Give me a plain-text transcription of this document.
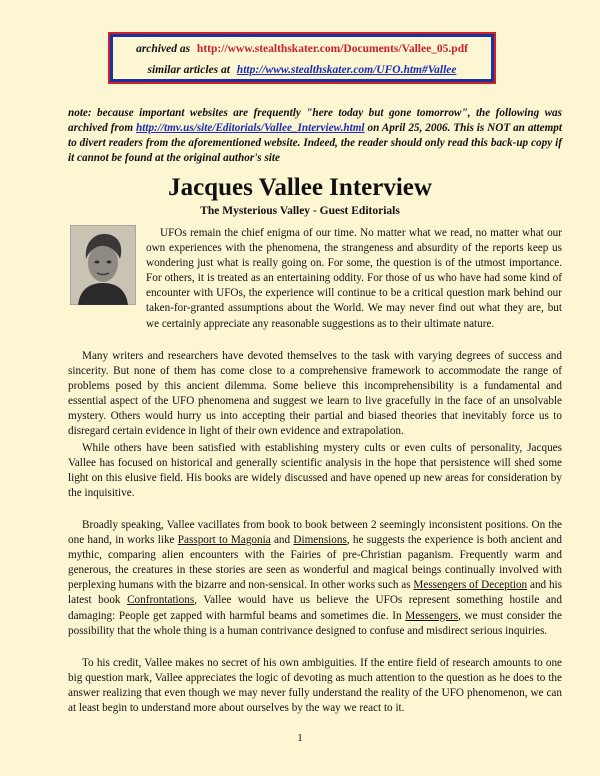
archived as http://www.stealthskater.com/Documents/Vallee_05.pdf
similar articles at http://www.stealthskater.com/UFO.htm#Vallee
note: because important websites are frequently "here today but gone tomorrow", the following was archived from http://tmv.us/site/Editorials/Vallee_Interview.html on April 25, 2006. This is NOT an attempt to divert readers from the aforementioned website. Indeed, the reader should only read this back-up copy if it cannot be found at the original author's site
Jacques Vallee Interview
The Mysterious Valley - Guest Editorials

UFOs remain the chief enigma of our time. No matter what we read, no matter what our own experiences with the phenomena, the strangeness and absurdity of the reports keep us wondering just what is really going on. For some, the question is of the utmost importance. For others, it is treated as an entertaining oddity. For those of us who have had some kind of encounter with UFOs, the experience will continue to be a critical question mark behind our taken-for-granted assumptions about the World. We may never find out what they are, but we certainly appreciate any reasonable suggestions as to their ultimate nature.

Many writers and researchers have devoted themselves to the task with varying degrees of success and sincerity. But none of them has come close to a comprehensive framework to accommodate the range of problems posed by this ancient dilemma. Some believe this incomprehensibility is a fundamental and essential aspect of the UFO phenomena and suggest we learn to live gracefully in the face of an unsolvable mystery. Others would hurry us into accepting their partial and biased theories that inevitably force us to disregard certain evidence in light of their own evidence and extrapolation.

While others have been satisfied with establishing mystery cults or even cults of personality, Jacques Vallee has focused on historical and generally scientific analysis in the hope that persistence will shed some light on this elusive field. His books are widely discussed and have opened up new areas for consideration by the inquisitive.

Broadly speaking, Vallee vacillates from book to book between 2 seemingly inconsistent positions. On the one hand, in works like Passport to Magonia and Dimensions, he suggests the experience is both ancient and mythic, comparing alien encounters with the Fairies of pre-Christian paganism. Frequently warm and generous, the creatures in these stories are seen as wonderful and magical beings continually involved with perplexing humans with the bizarre and non-sensical. In other works such as Messengers of Deception and his latest book Confrontations, Vallee would have us believe the UFOs represent something hostile and damaging: People get zapped with harmful beams and sometimes die. In Messengers, we must consider the possibility that the whole thing is a human contrivance designed to confuse and misdirect serious inquiries.

To his credit, Vallee makes no secret of his own ambiguities. If the entire field of research amounts to one big question mark, Vallee appreciates the logic of devoting as much attention to the question as he does to the answer realizing that even though we may never fully understand the reality of the UFO phenomenon, we can at least begin to understand more about ourselves by the way we react to it.

1
